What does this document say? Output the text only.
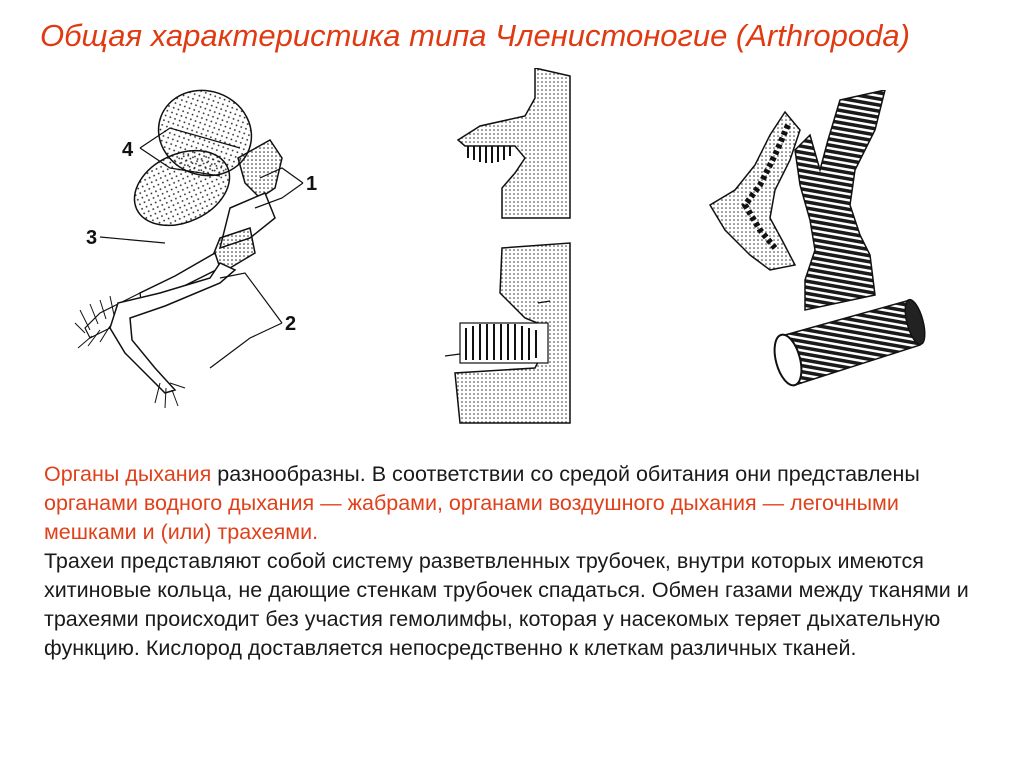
Общая характеристика типа Членистоногие (Arthropoda)
4
1
3
2

Органы дыхания разнообразны. В соответствии со средой обитания они представлены органами водного дыхания — жабрами, органами воздушного дыхания — легочными мешками и (или) трахеями.

Трахеи представляют собой систему разветвленных трубочек, внутри которых имеются хитиновые кольца, не дающие стенкам трубочек спадаться. Обмен газами между тканями и трахеями происходит без участия гемолимфы, которая у насекомых теряет дыхательную функцию. Кислород доставляется непосредственно к клеткам различных тканей.
